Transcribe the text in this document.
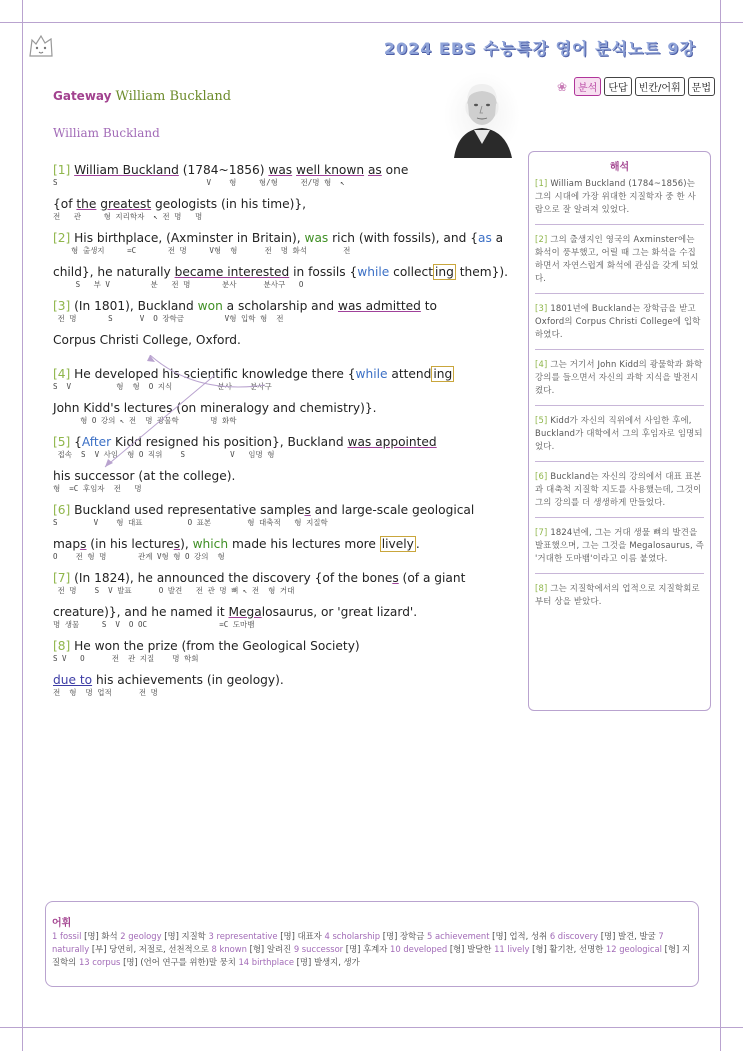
2024 EBS 수능특강 영어 분석노트 9강
❀	분석	단답	빈칸/어휘	문법
Gateway William Buckland
William Buckland
[1] William Buckland (1784~1856) was well known as one
S                                 V    형     형/형     전/명 형  ↖
{of the greatest geologists (in his time)},
전   관     형 지리학자  ↖ 전 명   명
[2] His birthplace, (Axminster in Britain), was rich (with fossils), and {as a
형 출생지     =C       전 명     V형  형      전  명 화석        전
child}, he naturally became interested in fossils {while collect ing them}).
S   부 V         분   전 명       분사      분사구   O
[3] (In 1801), Buckland won a scholarship and was admitted to
전 명       S      V  O 장학금         V형 입학 형  전
Corpus Christi College, Oxford.
[4] He developed his scientific knowledge there {while attend ing
S  V          형  형  O 지식          분사    분사구
John Kidd's lectures (on mineralogy and chemistry)}.
형 O 강의 ↖ 전  명 광물학       명 화학
[5] {After Kidd resigned his position}, Buckland was appointed
접속  S  V 사임  형 O 직위    S          V   임명 형
his successor (at the college).
형  =C 후임자  전   명
[6] Buckland used representative samples and large-scale geological
S        V    형 대표          O 표본        형 대축적   형 지질학
maps (in his lectures), which made his lectures more lively .
O    전 형 명       관계 V형 형 O 강의  형
[7] (In 1824), he announced the discovery {of the bones (of a giant
전 명    S  V 발표      O 발견   전 관 명 뼈 ↖ 전  형 거대
creature)}, and he named it Megalosaurus, or 'great lizard'.
명 생물     S  V  O OC                =C 도마뱀
[8] He won the prize (from the Geological Society)
S V   O      전  관 지질    명 학회
due to his achievements (in geology).
전  형  명 업적      전 명
해석
[1] William Buckland (1784~1856)는 그의 시대에 가장 위대한 지질학자 중 한 사람으로 잘 알려져 있었다.
[2] 그의 출생지인 영국의 Axminster에는 화석이 풍부했고, 어릴 때 그는 화석을 수집하면서 자연스럽게 화석에 관심을 갖게 되었다.
[3] 1801년에 Buckland는 장학금을 받고 Oxford의 Corpus Christi College에 입학하였다.
[4] 그는 거기서 John Kidd의 광물학과 화학 강의를 들으면서 자신의 과학 지식을 발전시켰다.
[5] Kidd가 자신의 직위에서 사임한 후에, Buckland가 대학에서 그의 후임자로 임명되었다.
[6] Buckland는 자신의 강의에서 대표 표본과 대축척 지질학 지도를 사용했는데, 그것이 그의 강의를 더 생생하게 만들었다.
[7] 1824년에, 그는 거대 생물 뼈의 발견을 발표했으며, 그는 그것을 Megalosaurus, 즉 '거대한 도마뱀'이라고 이름 붙였다.
[8] 그는 지질학에서의 업적으로 지질학회로부터 상을 받았다.
어휘
1 fossil [명] 화석 2 geology [명] 지질학 3 representative [명] 대표자 4 scholarship [명] 장학금 5 achievement [명] 업적, 성취 6 discovery [명] 발견, 발굴 7 naturally [부] 당연히, 저절로, 선천적으로 8 known [형] 알려진 9 successor [명] 후계자 10 developed [형] 발달한 11 lively [형] 활기찬, 선명한 12 geological [형] 지질학의 13 corpus [명] (언어 연구를 위한)말 뭉치 14 birthplace [명] 발생지, 생가
